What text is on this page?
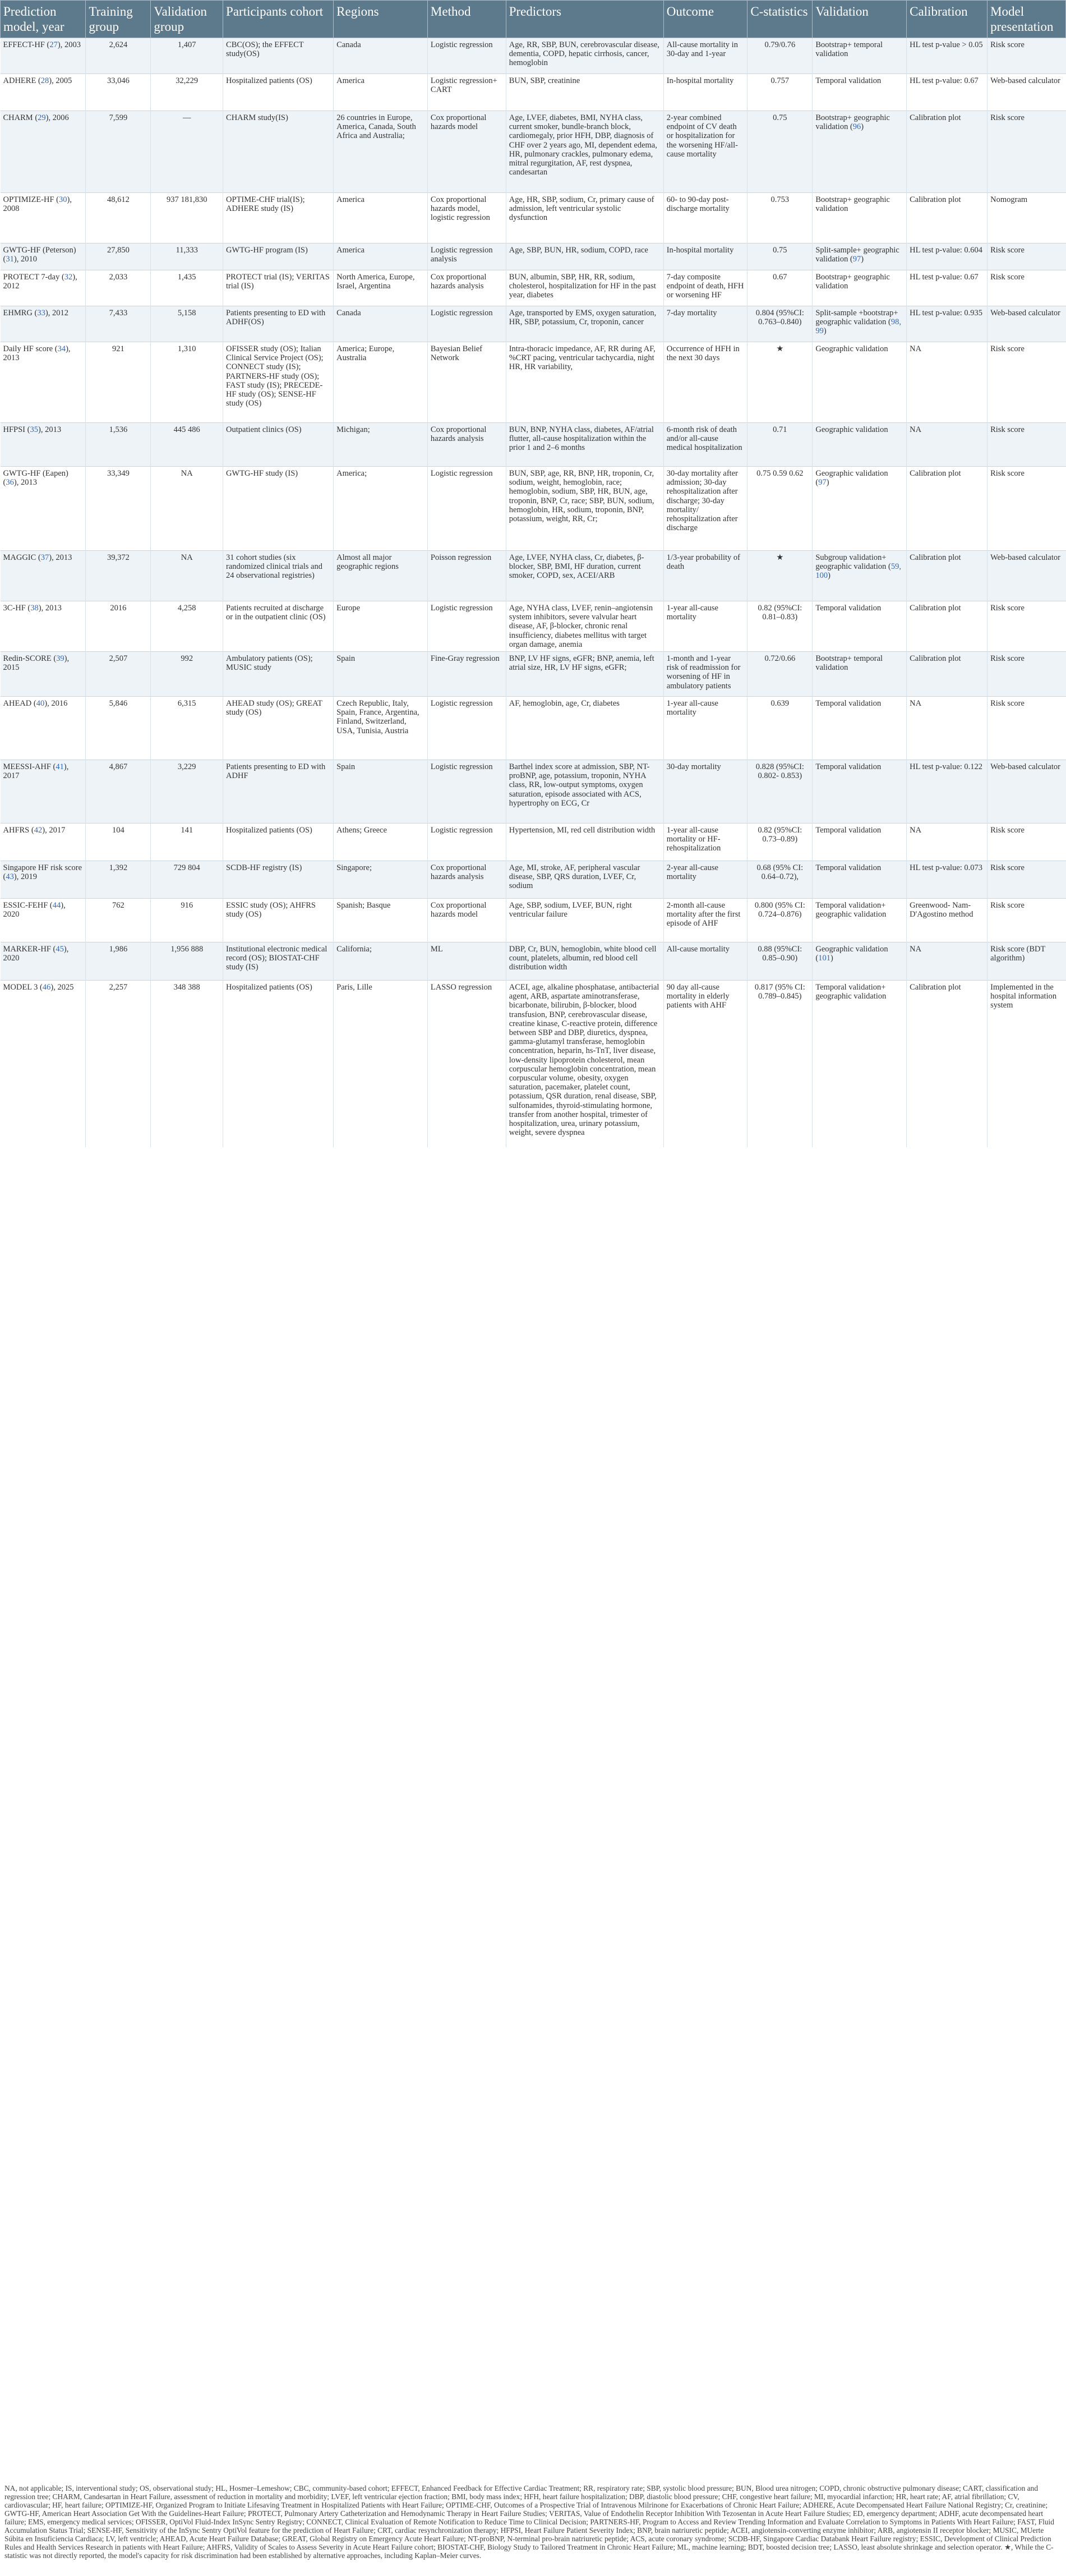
Prediction model, year	Training group	Validation group	Participants cohort	Regions	Method	Predictors	Outcome	C-statistics	Validation	Calibration	Model presentation
EFFECT-HF (27), 2003	2,624	1,407	CBC(OS); the EFFECT study(OS)	Canada	Logistic regression	Age, RR, SBP, BUN, cerebrovascular disease, dementia, COPD, hepatic cirrhosis, cancer, hemoglobin	All-cause mortality in 30-day and 1-year	0.79/0.76	Bootstrap+ temporal validation	HL test p-value > 0.05	Risk score
ADHERE (28), 2005	33,046	32,229	Hospitalized patients (OS)	America	Logistic regression+ CART	BUN, SBP, creatinine	In-hospital mortality	0.757	Temporal validation	HL test p-value: 0.67	Web-based calculator
CHARM (29), 2006	7,599	—	CHARM study(IS)	26 countries in Europe, America, Canada, South Africa and Australia;	Cox proportional hazards model	Age, LVEF, diabetes, BMI, NYHA class, current smoker, bundle-branch block, cardiomegaly, prior HFH, DBP, diagnosis of CHF over 2 years ago, MI, dependent edema, HR, pulmonary crackles, pulmonary edema, mitral regurgitation, AF, rest dyspnea, candesartan	2-year combined endpoint of CV death or hospitalization for the worsening HF/all-cause mortality	0.75	Bootstrap+ geographic validation (96)	Calibration plot	Risk score
OPTIMIZE-HF (30), 2008	48,612	937 181,830	OPTIME-CHF trial(IS); ADHERE study (IS)	America	Cox proportional hazards model, logistic regression	Age, HR, SBP, sodium, Cr, primary cause of admission, left ventricular systolic dysfunction	60- to 90-day post-discharge mortality	0.753	Bootstrap+ geographic validation	Calibration plot	Nomogram
GWTG-HF (Peterson) (31), 2010	27,850	11,333	GWTG-HF program (IS)	America	Logistic regression analysis	Age, SBP, BUN, HR, sodium, COPD, race	In-hospital mortality	0.75	Split-sample+ geographic validation (97)	HL test p-value: 0.604	Risk score
PROTECT 7-day (32), 2012	2,033	1,435	PROTECT trial (IS); VERITAS trial (IS)	North America, Europe, Israel, Argentina	Cox proportional hazards analysis	BUN, albumin, SBP, HR, RR, sodium, cholesterol, hospitalization for HF in the past year, diabetes	7-day composite endpoint of death, HFH or worsening HF	0.67	Bootstrap+ geographic validation	HL test p-value: 0.67	Risk score
EHMRG (33), 2012	7,433	5,158	Patients presenting to ED with ADHF(OS)	Canada	Logistic regression	Age, transported by EMS, oxygen saturation, HR, SBP, potassium, Cr, troponin, cancer	7-day mortality	0.804 (95%CI: 0.763–0.840)	Split-sample +bootstrap+ geographic validation (98, 99)	HL test p-value: 0.935	Web-based calculator
Daily HF score (34), 2013	921	1,310	OFISSER study (OS); Italian Clinical Service Project (OS); CONNECT study (IS); PARTNERS-HF study (OS); FAST study (IS); PRECEDE-HF study (OS); SENSE-HF study (OS)	America; Europe, Australia	Bayesian Belief Network	Intra-thoracic impedance, AF, RR during AF, %CRT pacing, ventricular tachycardia, night HR, HR variability,	Occurrence of HFH in the next 30 days	★	Geographic validation	NA	Risk score
HFPSI (35), 2013	1,536	445 486	Outpatient clinics (OS)	Michigan;	Cox proportional hazards analysis	BUN, BNP, NYHA class, diabetes, AF/atrial flutter, all-cause hospitalization within the prior 1 and 2–6 months	6-month risk of death and/or all-cause medical hospitalization	0.71	Geographic validation	NA	Risk score
GWTG-HF (Eapen) (36), 2013	33,349	NA	GWTG-HF study (IS)	America;	Logistic regression	BUN, SBP, age, RR, BNP, HR, troponin, Cr, sodium, weight, hemoglobin, race; hemoglobin, sodium, SBP, HR, BUN, age, troponin, BNP, Cr, race; SBP, BUN, sodium, hemoglobin, HR, sodium, troponin, BNP, potassium, weight, RR, Cr;	30-day mortality after admission; 30-day rehospitalization after discharge; 30-day mortality/ rehospitalization after discharge	0.75 0.59 0.62	Geographic validation (97)	Calibration plot	Risk score
MAGGIC (37), 2013	39,372	NA	31 cohort studies (six randomized clinical trials and 24 observational registries)	Almost all major geographic regions	Poisson regression	Age, LVEF, NYHA class, Cr, diabetes, β-blocker, SBP, BMI, HF duration, current smoker, COPD, sex, ACEI/ARB	1/3-year probability of death	★	Subgroup validation+ geographic validation (59, 100)	Calibration plot	Web-based calculator
3C-HF (38), 2013	2016	4,258	Patients recruited at discharge or in the outpatient clinic (OS)	Europe	Logistic regression	Age, NYHA class, LVEF, renin–angiotensin system inhibitors, severe valvular heart disease, AF, β-blocker, chronic renal insufficiency, diabetes mellitus with target organ damage, anemia	1-year all-cause mortality	0.82 (95%CI: 0.81–0.83)	Temporal validation	Calibration plot	Risk score
Redin-SCORE (39), 2015	2,507	992	Ambulatory patients (OS); MUSIC study	Spain	Fine-Gray regression	BNP, LV HF signs, eGFR; BNP, anemia, left atrial size, HR, LV HF signs, eGFR;	1-month and 1-year risk of readmission for worsening of HF in ambulatory patients	0.72/0.66	Bootstrap+ temporal validation	Calibration plot	Risk score
AHEAD (40), 2016	5,846	6,315	AHEAD study (OS); GREAT study (OS)	Czech Republic, Italy, Spain, France, Argentina, Finland, Switzerland, USA, Tunisia, Austria	Logistic regression	AF, hemoglobin, age, Cr, diabetes	1-year all-cause mortality	0.639	Temporal validation	NA	Risk score
MEESSI-AHF (41), 2017	4,867	3,229	Patients presenting to ED with ADHF	Spain	Logistic regression	Barthel index score at admission, SBP, NT-proBNP, age, potassium, troponin, NYHA class, RR, low-output symptoms, oxygen saturation, episode associated with ACS, hypertrophy on ECG, Cr	30-day mortality	0.828 (95%CI: 0.802- 0.853)	Temporal validation	HL test p-value: 0.122	Web-based calculator
AHFRS (42), 2017	104	141	Hospitalized patients (OS)	Athens; Greece	Logistic regression	Hypertension, MI, red cell distribution width	1-year all-cause mortality or HF-rehospitalization	0.82 (95%CI: 0.73–0.89)	Temporal validation	NA	Risk score
Singapore HF risk score (43), 2019	1,392	729 804	SCDB-HF registry (IS)	Singapore;	Cox proportional hazards analysis	Age, MI, stroke, AF, peripheral vascular disease, SBP, QRS duration, LVEF, Cr, sodium	2-year all-cause mortality	0.68 (95% CI: 0.64–0.72),	Temporal validation	HL test p-value: 0.073	Risk score
ESSIC-FEHF (44), 2020	762	916	ESSIC study (OS); AHFRS study (OS)	Spanish; Basque	Cox proportional hazards model	Age, SBP, sodium, LVEF, BUN, right ventricular failure	2-month all-cause mortality after the first episode of AHF	0.800 (95% CI: 0.724–0.876)	Temporal validation+ geographic validation	Greenwood- Nam- D'Agostino method	Risk score
MARKER-HF (45), 2020	1,986	1,956 888	Institutional electronic medical record (OS); BIOSTAT-CHF study (IS)	California;	ML	DBP, Cr, BUN, hemoglobin, white blood cell count, platelets, albumin, red blood cell distribution width	All-cause mortality	0.88 (95%CI: 0.85–0.90)	Geographic validation (101)	NA	Risk score (BDT algorithm)
MODEL 3 (46), 2025	2,257	348 388	Hospitalized patients (OS)	Paris, Lille	LASSO regression	ACEI, age, alkaline phosphatase, antibacterial agent, ARB, aspartate aminotransferase, bicarbonate, bilirubin, β-blocker, blood transfusion, BNP, cerebrovascular disease, creatine kinase, C-reactive protein, difference between SBP and DBP, diuretics, dyspnea, gamma-glutamyl transferase, hemoglobin concentration, heparin, hs-TnT, liver disease, low-density lipoprotein cholesterol, mean corpuscular hemoglobin concentration, mean corpuscular volume, obesity, oxygen saturation, pacemaker, platelet count, potassium, QSR duration, renal disease, SBP, sulfonamides, thyroid-stimulating hormone, transfer from another hospital, trimester of hospitalization, urea, urinary potassium, weight, severe dyspnea	90 day all-cause mortality in elderly patients with AHF	0.817 (95% CI: 0.789–0.845)	Temporal validation+ geographic validation	Calibration plot	Implemented in the hospital information system
NA, not applicable; IS, interventional study; OS, observational study; HL, Hosmer–Lemeshow; CBC, community-based cohort; EFFECT, Enhanced Feedback for Effective Cardiac Treatment; RR, respiratory rate; SBP, systolic blood pressure; BUN, Blood urea nitrogen; COPD, chronic obstructive pulmonary disease; CART, classification and regression tree; CHARM, Candesartan in Heart Failure, assessment of reduction in mortality and morbidity; LVEF, left ventricular ejection fraction; BMI, body mass index; HFH, heart failure hospitalization; DBP, diastolic blood pressure; CHF, congestive heart failure; MI, myocardial infarction; HR, heart rate; AF, atrial fibrillation; CV, cardiovascular; HF, heart failure; OPTIMIZE-HF, Organized Program to Initiate Lifesaving Treatment in Hospitalized Patients with Heart Failure; OPTIME-CHF, Outcomes of a Prospective Trial of Intravenous Milrinone for Exacerbations of Chronic Heart Failure; ADHERE, Acute Decompensated Heart Failure National Registry; Cr, creatinine; GWTG-HF, American Heart Association Get With the Guidelines-Heart Failure; PROTECT, Pulmonary Artery Catheterization and Hemodynamic Therapy in Heart Failure Studies; VERITAS, Value of Endothelin Receptor Inhibition With Tezosentan in Acute Heart Failure Studies; ED, emergency department; ADHF, acute decompensated heart failure; EMS, emergency medical services; OFISSER, OptiVol Fluid-Index InSync Sentry Registry; CONNECT, Clinical Evaluation of Remote Notification to Reduce Time to Clinical Decision; PARTNERS-HF, Program to Access and Review Trending Information and Evaluate Correlation to Symptoms in Patients With Heart Failure; FAST, Fluid Accumulation Status Trial; SENSE-HF, Sensitivity of the InSync Sentry OptiVol feature for the prediction of Heart Failure; CRT, cardiac resynchronization therapy; HFPSI, Heart Failure Patient Severity Index; BNP, brain natriuretic peptide; ACEI, angiotensin-converting enzyme inhibitor; ARB, angiotensin II receptor blocker; MUSIC, MUerte Súbita en Insuficiencia Cardiaca; LV, left ventricle; AHEAD, Acute Heart Failure Database; GREAT, Global Registry on Emergency Acute Heart Failure; NT-proBNP, N-terminal pro-brain natriuretic peptide; ACS, acute coronary syndrome; SCDB-HF, Singapore Cardiac Databank Heart Failure registry; ESSIC, Development of Clinical Prediction Rules and Health Services Research in patients with Heart Failure; AHFRS, Validity of Scales to Assess Severity in Acute Heart Failure cohort; BIOSTAT-CHF, Biology Study to Tailored Treatment in Chronic Heart Failure; ML, machine learning; BDT, boosted decision tree; LASSO, least absolute shrinkage and selection operator. ★, While the C-statistic was not directly reported, the model's capacity for risk discrimination had been established by alternative approaches, including Kaplan–Meier curves.
